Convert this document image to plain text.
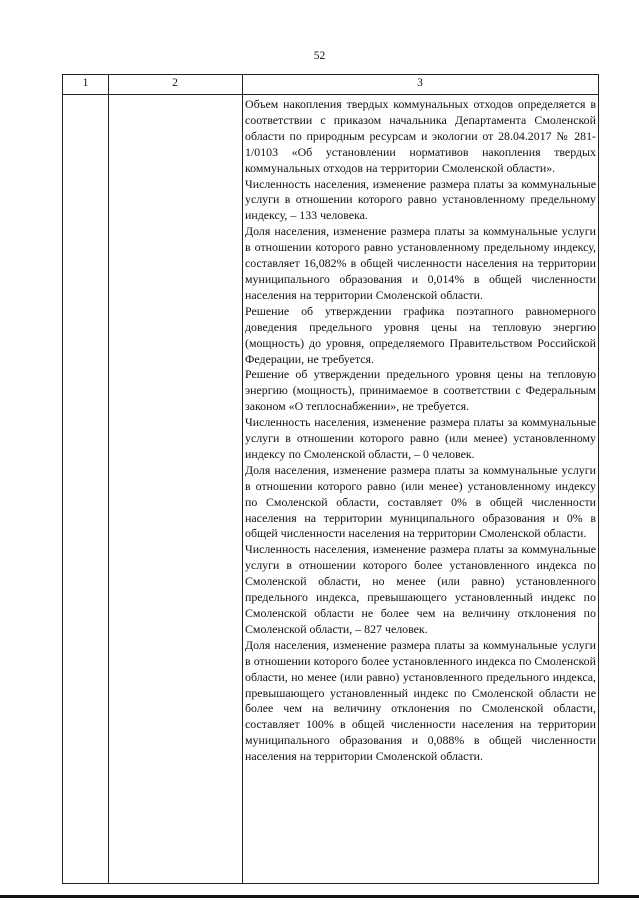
52
1	2	3

Объем накопления твердых коммунальных отходов определяется в соответствии с приказом начальника Департамента Смоленской области по природным ресурсам и экологии от 28.04.2017 № 281-1/0103 «Об установлении нормативов накопления твердых коммунальных отходов на территории Смоленской области».

Численность населения, изменение размера платы за коммунальные услуги в отношении которого равно установленному предельному индексу, – 133 человека.

Доля населения, изменение размера платы за коммунальные услуги в отношении которого равно установленному предельному индексу, составляет 16,082% в общей численности населения на территории муниципального образования и 0,014% в общей численности населения на территории Смоленской области.

Решение об утверждении графика поэтапного равномерного доведения предельного уровня цены на тепловую энергию (мощность) до уровня, определяемого Правительством Российской Федерации, не требуется.

Решение об утверждении предельного уровня цены на тепловую энергию (мощность), принимаемое в соответствии с Федеральным законом «О теплоснабжении», не требуется.

Численность населения, изменение размера платы за коммунальные услуги в отношении которого равно (или менее) установленному индексу по Смоленской области, – 0 человек.

Доля населения, изменение размера платы за коммунальные услуги в отношении которого равно (или менее) установленному индексу по Смоленской области, составляет 0% в общей численности населения на территории муниципального образования и 0% в общей численности населения на территории Смоленской области.

Численность населения, изменение размера платы за коммунальные услуги в отношении которого более установленного индекса по Смоленской области, но менее (или равно) установленного предельного индекса, превышающего установленный индекс по Смоленской области не более чем на величину отклонения по Смоленской области, – 827 человек.

Доля населения, изменение размера платы за коммунальные услуги в отношении которого более установленного индекса по Смоленской области, но менее (или равно) установленного предельного индекса, превышающего установленный индекс по Смоленской области не более чем на величину отклонения по Смоленской области, составляет 100% в общей численности населения на территории муниципального образования и 0,088% в общей численности населения на территории Смоленской области.
